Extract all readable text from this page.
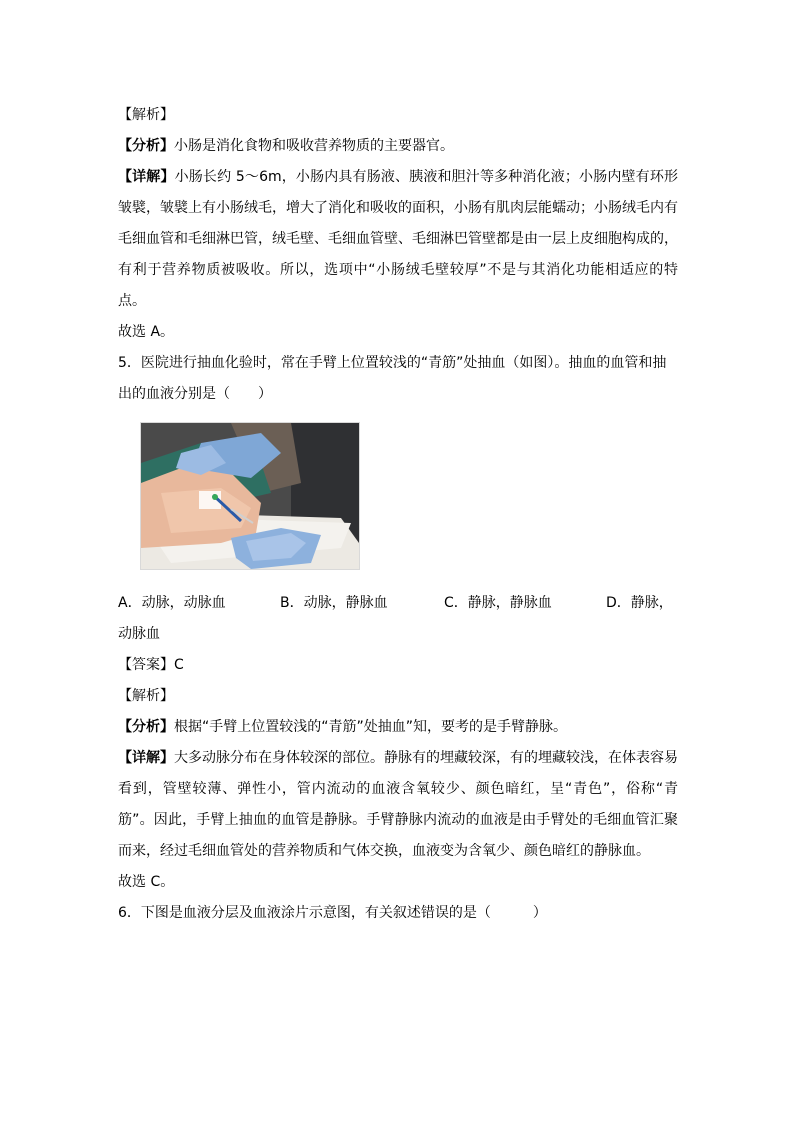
【解析】
【分析】小肠是消化食物和吸收营养物质的主要器官。
【详解】小肠长约 5～6m，小肠内具有肠液、胰液和胆汁等多种消化液；小肠内壁有环形皱襞，皱襞上有小肠绒毛，增大了消化和吸收的面积，小肠有肌肉层能蠕动；小肠绒毛内有毛细血管和毛细淋巴管，绒毛壁、毛细血管壁、毛细淋巴管壁都是由一层上皮细胞构成的，有利于营养物质被吸收。所以，选项中“小肠绒毛壁较厚”不是与其消化功能相适应的特点。
故选 A。
5．医院进行抽血化验时，常在手臂上位置较浅的“青筋”处抽血（如图）。抽血的血管和抽
出的血液分别是（　　）
A．动脉，动脉血	B．动脉，静脉血	C．静脉，静脉血	D．静脉，
动脉血
【答案】C
【解析】
【分析】根据“手臂上位置较浅的“青筋”处抽血”知，要考的是手臂静脉。
【详解】大多动脉分布在身体较深的部位。静脉有的埋藏较深，有的埋藏较浅，在体表容易看到，管壁较薄、弹性小，管内流动的血液含氧较少、颜色暗红，呈“青色”，俗称“青筋”。因此，手臂上抽血的血管是静脉。手臂静脉内流动的血液是由手臂处的毛细血管汇聚而来，经过毛细血管处的营养物质和气体交换，血液变为含氧少、颜色暗红的静脉血。
故选 C。
6．下图是血液分层及血液涂片示意图，有关叙述错误的是（　　　）
